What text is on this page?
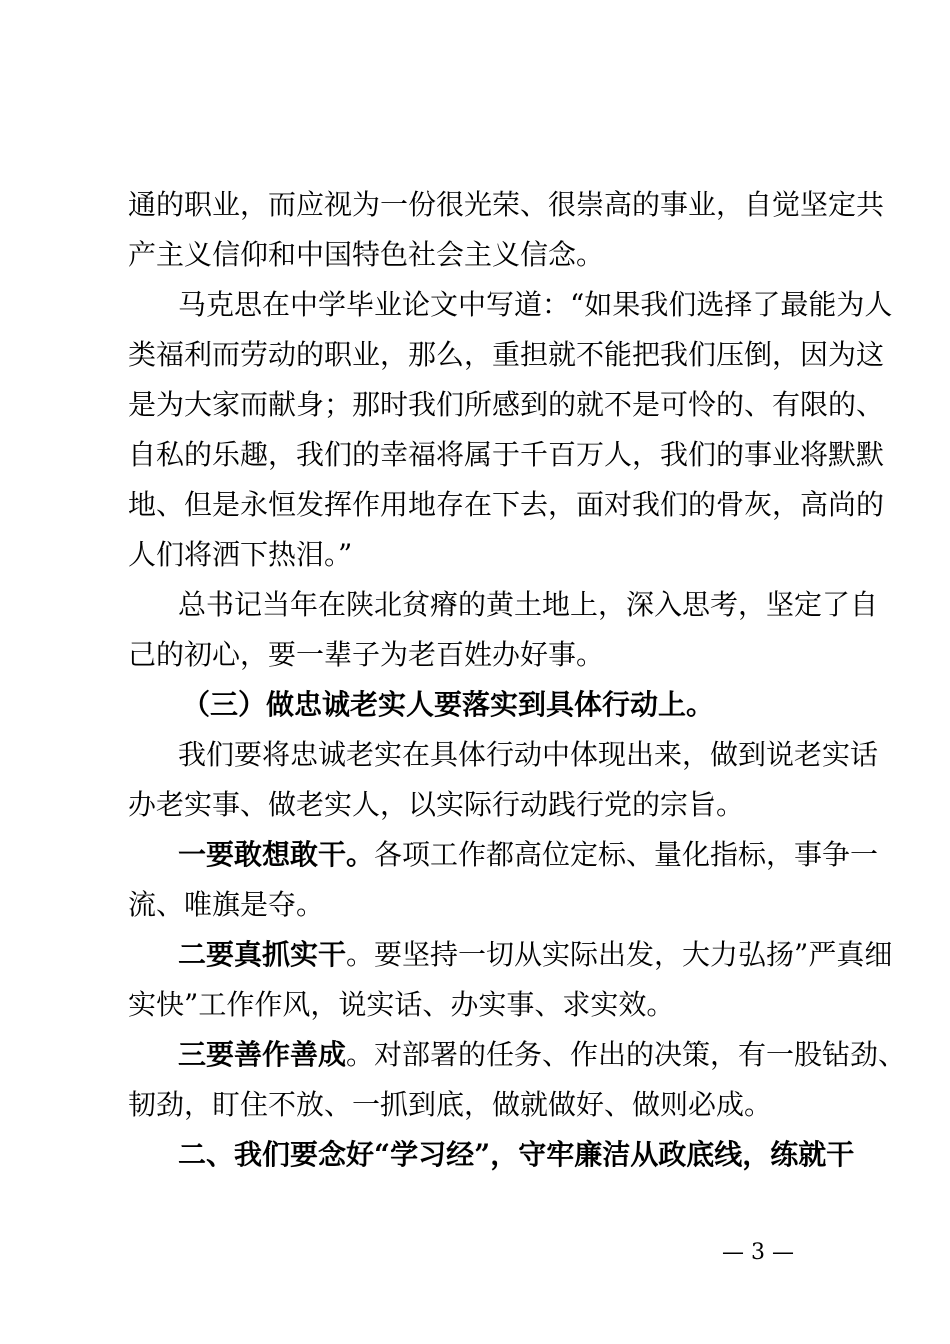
通的职业，而应视为一份很光荣、很崇高的事业，自觉坚定共
产主义信仰和中国特色社会主义信念。
马克思在中学毕业论文中写道：“如果我们选择了最能为人
类福利而劳动的职业，那么，重担就不能把我们压倒，因为这
是为大家而献身；那时我们所感到的就不是可怜的、有限的、
自私的乐趣，我们的幸福将属于千百万人，我们的事业将默默
地、但是永恒发挥作用地存在下去，面对我们的骨灰，高尚的
人们将洒下热泪。”
总书记当年在陕北贫瘠的黄土地上，深入思考，坚定了自
己的初心，要一辈子为老百姓办好事。
（三）做忠诚老实人要落实到具体行动上。
我们要将忠诚老实在具体行动中体现出来，做到说老实话
办老实事、做老实人，以实际行动践行党的宗旨。
一要敢想敢干。各项工作都高位定标、量化指标，事争一
流、唯旗是夺。
二要真抓实干。要坚持一切从实际出发，大力弘扬”严真细
实快”工作作风，说实话、办实事、求实效。
三要善作善成。对部署的任务、作出的决策，有一股钻劲、
韧劲，盯住不放、一抓到底，做就做好、做则必成。
二、我们要念好“学习经”，守牢廉洁从政底线，练就干
— 3 —
